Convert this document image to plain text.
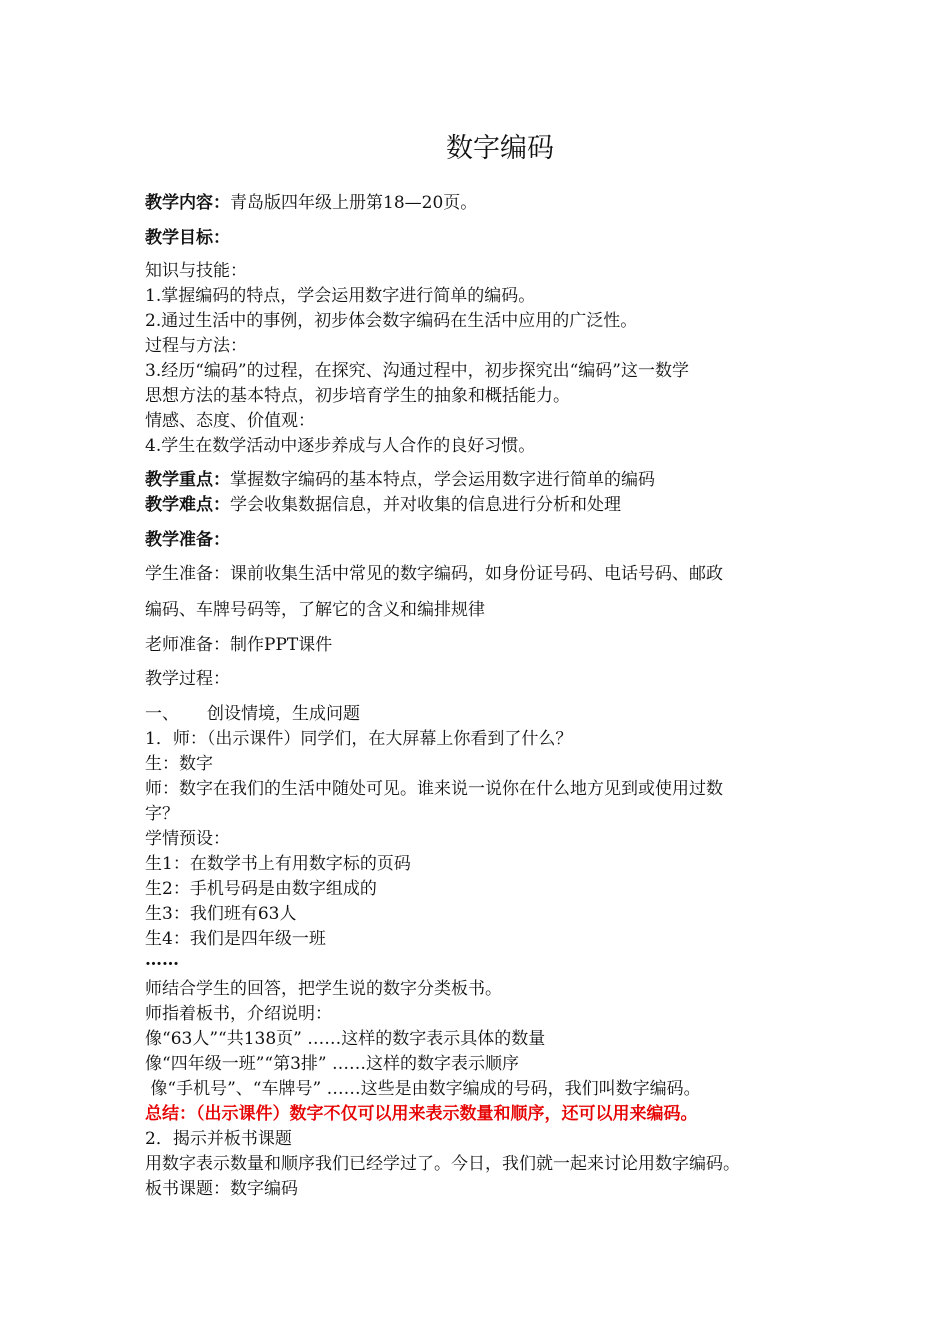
数字编码
教学内容：青岛版四年级上册第18—20页。
教学目标：
知识与技能：
1.掌握编码的特点，学会运用数字进行简单的编码。
2.通过生活中的事例，初步体会数字编码在生活中应用的广泛性。
过程与方法：
3.经历“编码”的过程，在探究、沟通过程中，初步探究出“编码”这一数学
思想方法的基本特点，初步培育学生的抽象和概括能力。
情感、态度、价值观：
4.学生在数学活动中逐步养成与人合作的良好习惯。
教学重点：掌握数字编码的基本特点，学会运用数字进行简单的编码
教学难点：学会收集数据信息，并对收集的信息进行分析和处理
教学准备：
学生准备：课前收集生活中常见的数字编码，如身份证号码、电话号码、邮政
编码、车牌号码等，了解它的含义和编排规律
老师准备：制作PPT课件
教学过程：
一、 创设情境，生成问题
1．师：（出示课件）同学们，在大屏幕上你看到了什么？
生：数字
师：数字在我们的生活中随处可见。谁来说一说你在什么地方见到或使用过数
字？
学情预设：
生1：在数学书上有用数字标的页码
生2：手机号码是由数字组成的
生3：我们班有63人
生4：我们是四年级一班
……
师结合学生的回答，把学生说的数字分类板书。
师指着板书，介绍说明：
像“63人”“共138页” ……这样的数字表示具体的数量
像“四年级一班”“第3排” ……这样的数字表示顺序
像“手机号”、“车牌号” ……这些是由数字编成的号码，我们叫数字编码。
总结：（出示课件）数字不仅可以用来表示数量和顺序，还可以用来编码。
2．揭示并板书课题
用数字表示数量和顺序我们已经学过了。今日，我们就一起来讨论用数字编码。
板书课题：数字编码
